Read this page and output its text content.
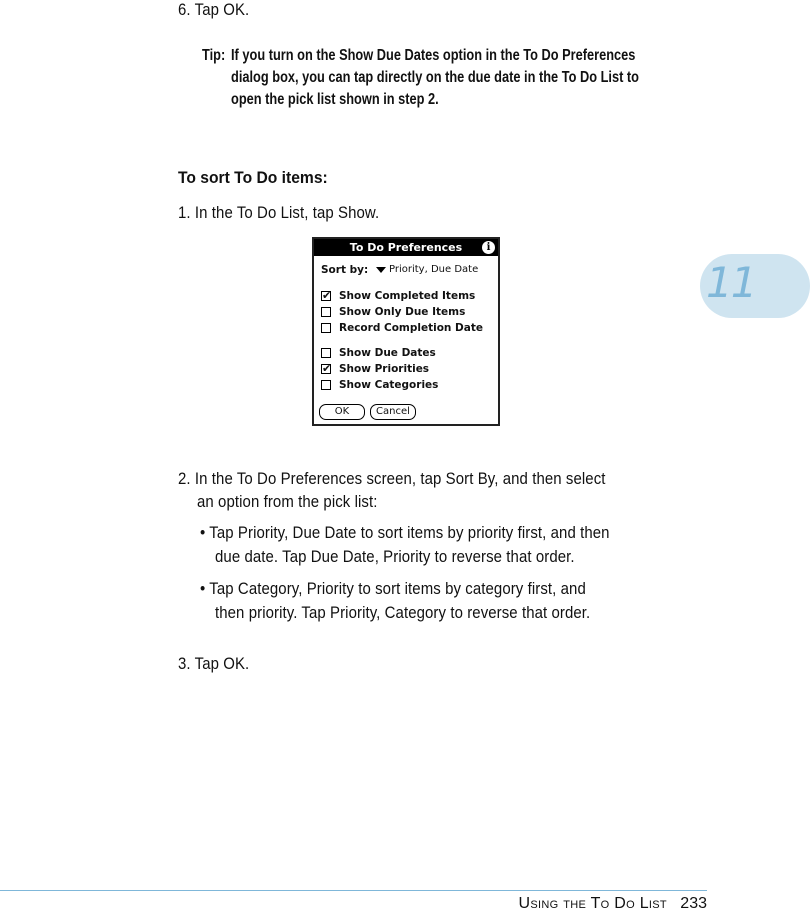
6. Tap OK.

Tip: If you turn on the Show Due Dates option in the To Do Preferences

dialog box, you can tap directly on the due date in the To Do List to

open the pick list shown in step 2.

To sort To Do items:

1. In the To Do List, tap Show.

11
To Do Preferences	i
Sort by: Priority, Due Date
✔ Show Completed Items
Show Only Due Items
Record Completion Date
Show Due Dates
✔ Show Priorities
Show Categories
OK	Cancel

2. In the To Do Preferences screen, tap Sort By, and then select

an option from the pick list:

• Tap Priority, Due Date to sort items by priority first, and then

due date. Tap Due Date, Priority to reverse that order.

• Tap Category, Priority to sort items by category first, and

then priority. Tap Priority, Category to reverse that order.

3. Tap OK.

Using the To Do List 233
